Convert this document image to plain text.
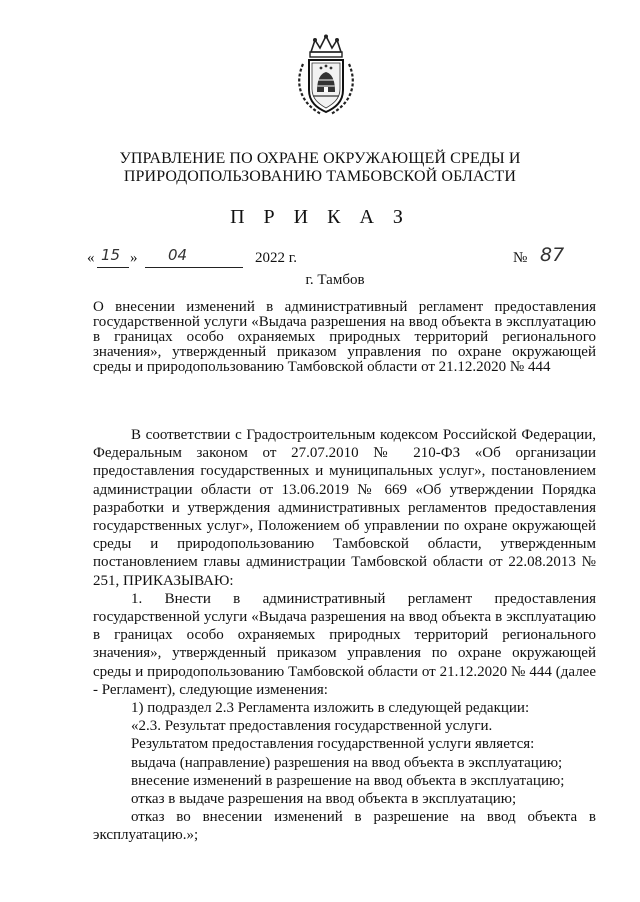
УПРАВЛЕНИЕ ПО ОХРАНЕ ОКРУЖАЮЩЕЙ СРЕДЫ И
ПРИРОДОПОЛЬЗОВАНИЮ ТАМБОВСКОЙ ОБЛАСТИ
П Р И К А З
« 15 » 04	2022 г.	№ 87
г. Тамбов
О внесении изменений в административный регламент предоставления государственной услуги «Выдача разрешения на ввод объекта в эксплуатацию в границах особо охраняемых природных территорий регионального значения», утвержденный приказом управления по охране окружающей среды и природопользованию Тамбовской области от 21.12.2020 № 444

В соответствии с Градостроительным кодексом Российской Федерации, Федеральным законом от 27.07.2010 № 210-ФЗ «Об организации предоставления государственных и муниципальных услуг», постановлением администрации области от 13.06.2019 № 669 «Об утверждении Порядка разработки и утверждения административных регламентов предоставления государственных услуг», Положением об управлении по охране окружающей среды и природопользованию Тамбовской области, утвержденным постановлением главы администрации Тамбовской области от 22.08.2013 № 251, ПРИКАЗЫВАЮ:

1. Внести в административный регламент предоставления государственной услуги «Выдача разрешения на ввод объекта в эксплуатацию в границах особо охраняемых природных территорий регионального значения», утвержденный приказом управления по охране окружающей среды и природопользованию Тамбовской области от 21.12.2020 № 444 (далее - Регламент), следующие изменения:

1) подраздел 2.3 Регламента изложить в следующей редакции:

«2.3. Результат предоставления государственной услуги.

Результатом предоставления государственной услуги является:

выдача (направление) разрешения на ввод объекта в эксплуатацию;

внесение изменений в разрешение на ввод объекта в эксплуатацию;

отказ в выдаче разрешения на ввод объекта в эксплуатацию;

отказ во внесении изменений в разрешение на ввод объекта в эксплуатацию.»;
